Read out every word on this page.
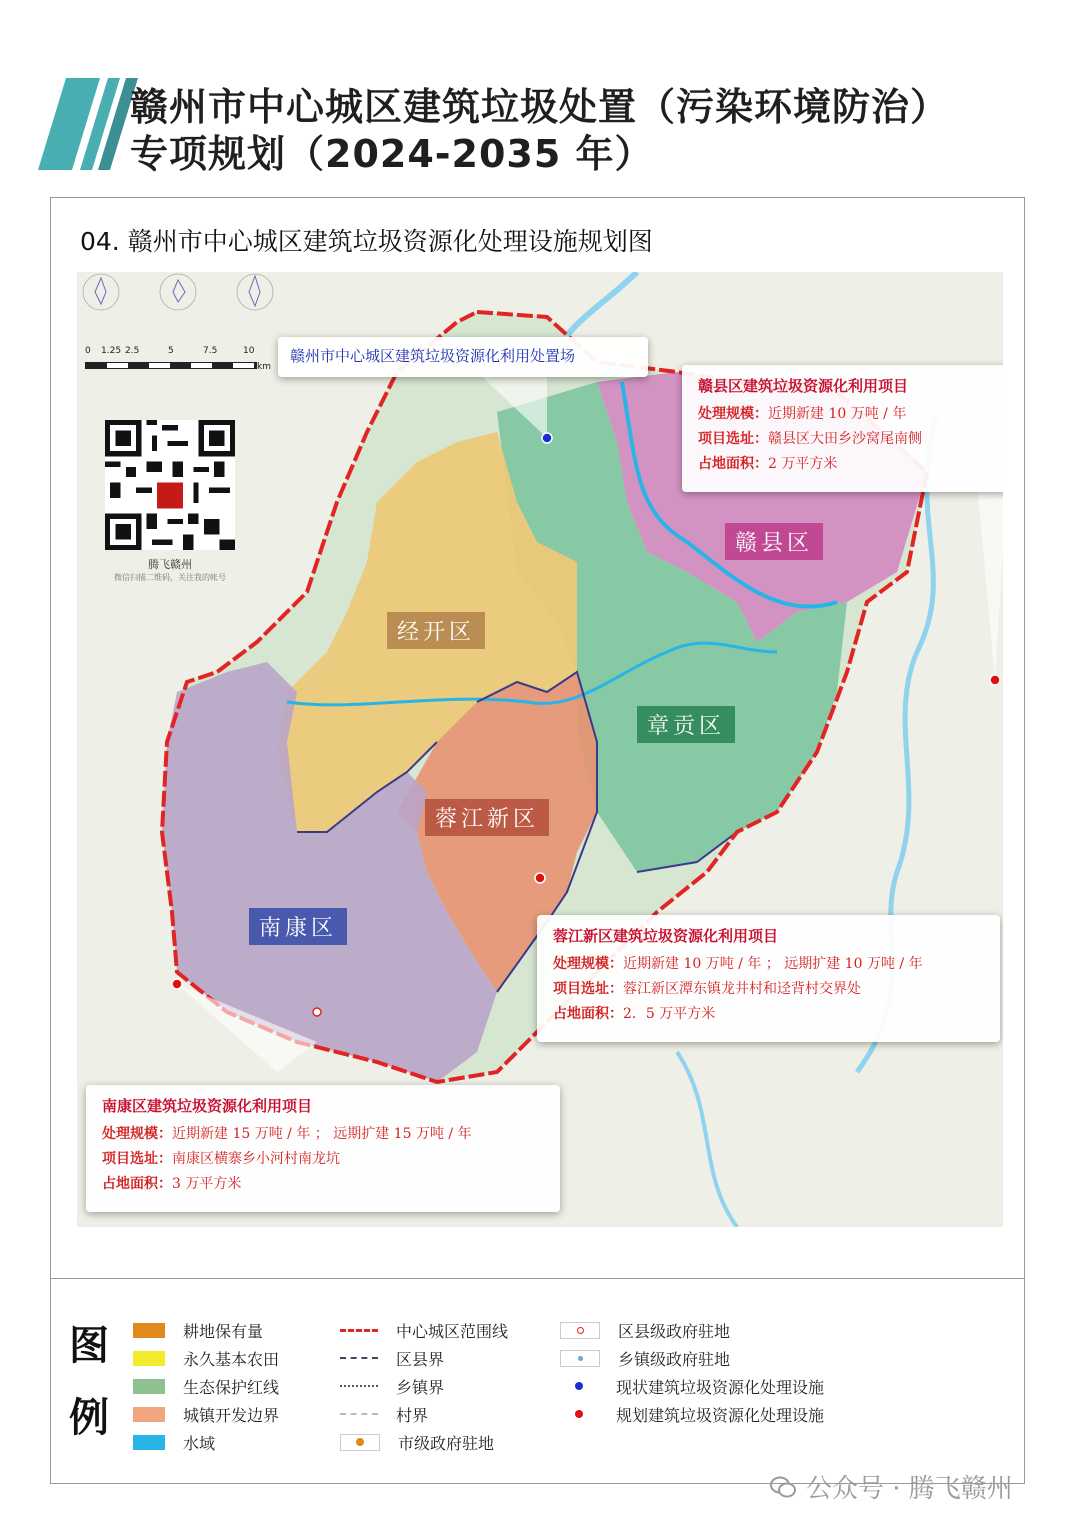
赣州市中心城区建筑垃圾处置（污染环境防治）
专项规划（2024-2035 年）
04. 赣州市中心城区建筑垃圾资源化处理设施规划图
经开区
赣县区
章贡区
蓉江新区
南康区
赣州市中心城区建筑垃圾资源化利用处置场
赣县区建筑垃圾资源化利用项目
处理规模：近期新建 10 万吨 / 年
项目选址：赣县区大田乡沙窝尾南侧
占地面积：2 万平方米
蓉江新区建筑垃圾资源化利用项目
处理规模：近期新建 10 万吨 / 年 ； 远期扩建 10 万吨 / 年
项目选址：蓉江新区潭东镇龙井村和迳背村交界处
占地面积：2．5 万平方米
南康区建筑垃圾资源化利用项目
处理规模：近期新建 15 万吨 / 年 ； 远期扩建 15 万吨 / 年
项目选址：南康区横寨乡小河村南龙坑
占地面积：3 万平方米
0 1.25 2.5	5	7.5	10
km
腾飞赣州
微信扫描二维码，关注我的帐号
图例
耕地保有量
永久基本农田
生态保护红线
城镇开发边界
水域
中心城区范围线
区县界
乡镇界
村界
市级政府驻地
区县级政府驻地
乡镇级政府驻地
现状建筑垃圾资源化处理设施
规划建筑垃圾资源化处理设施
公众号 · 腾飞赣州
